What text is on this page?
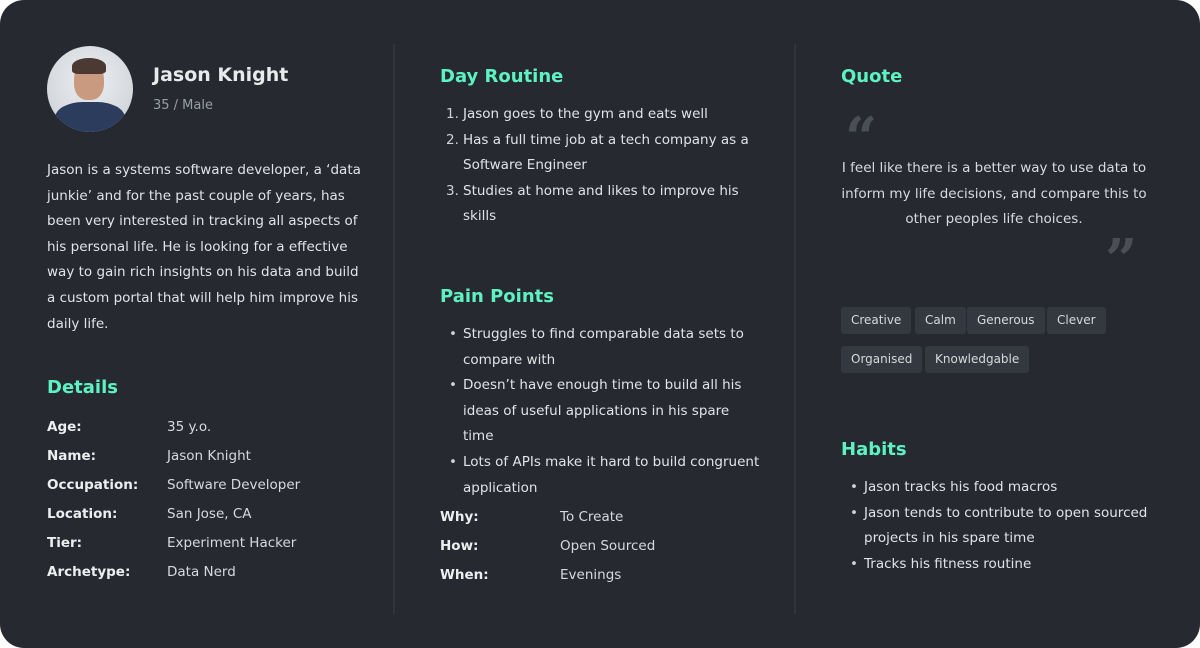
Jason Knight
35 / Male

Jason is a systems software developer, a ‘data junkie’ and for the past couple of years, has been very interested in tracking all aspects of his personal life. He is looking for a effective way to gain rich insights on his data and build a custom portal that will help him improve his daily life.

Details
Age:	35 y.o.
Name:	Jason Knight
Occupation:	Software Developer
Location:	San Jose, CA
Tier:	Experiment Hacker
Archetype:	Data Nerd
Day Routine
1. Jason goes to the gym and eats well
2. Has a full time job at a tech company as a Software Engineer
3. Studies at home and likes to improve his skills
Pain Points
• Struggles to find comparable data sets to compare with
• Doesn’t have enough time to build all his ideas of useful applications in his spare time
• Lots of APIs make it hard to build congruent application
Why:	To Create
How:	Open Sourced
When:	Evenings
Quote
“

I feel like there is a better way to use data to inform my life decisions, and compare this to other peoples life choices.

”
Creative	Calm	Generous	Clever
Organised	Knowledgable
Habits
• Jason tracks his food macros
• Jason tends to contribute to open sourced projects in his spare time
• Tracks his fitness routine
